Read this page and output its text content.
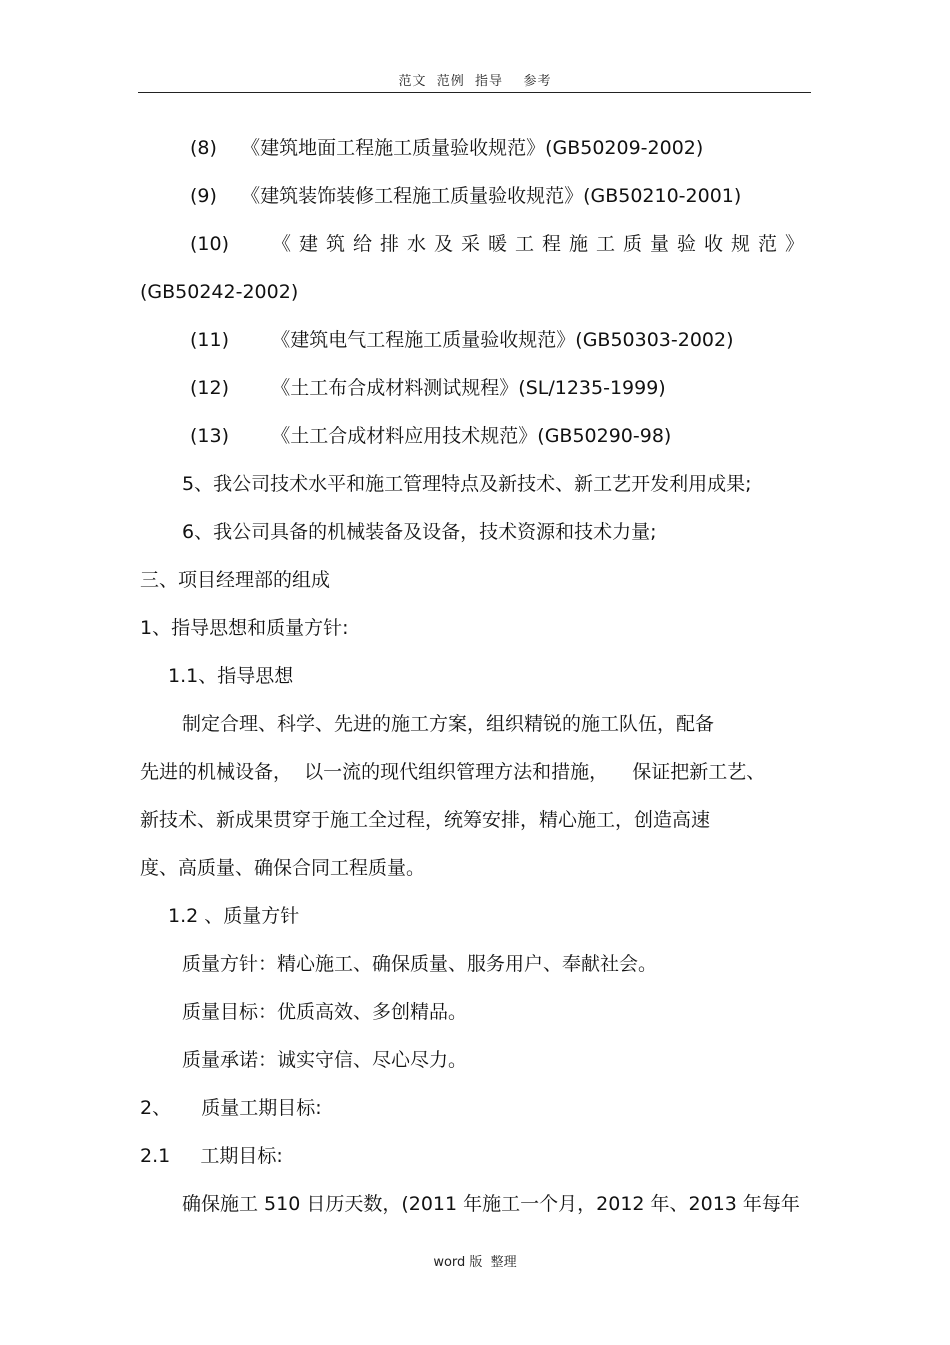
范文  范例  指导    参考
(8)    《建筑地面工程施工质量验收规范》(GB50209-2002)
(9)    《建筑装饰装修工程施工质量验收规范》(GB50210-2001)
(10) 《建筑给排水及采暖工程施工质量验收规范》
(GB50242-2002)
(11)       《建筑电气工程施工质量验收规范》(GB50303-2002)
(12)       《土工布合成材料测试规程》(SL/1235-1999)
(13)       《土工合成材料应用技术规范》(GB50290-98)
5、我公司技术水平和施工管理特点及新技术、新工艺开发利用成果;
6、我公司具备的机械装备及设备，技术资源和技术力量;
三、项目经理部的组成
1、指导思想和质量方针:
1.1、指导思想
制定合理、科学、先进的施工方案，组织精锐的施工队伍，配备
先进的机械设备，  以一流的现代组织管理方法和措施，    保证把新工艺、
新技术、新成果贯穿于施工全过程，统筹安排，精心施工，创造高速
度、高质量、确保合同工程质量。
1.2 、质量方针
质量方针：精心施工、确保质量、服务用户、奉献社会。
质量目标：优质高效、多创精品。
质量承诺：诚实守信、尽心尽力。
2、     质量工期目标:
2.1     工期目标:
确保施工 510 日历天数，(2011 年施工一个月，2012 年、2013 年每年
word 版  整理
